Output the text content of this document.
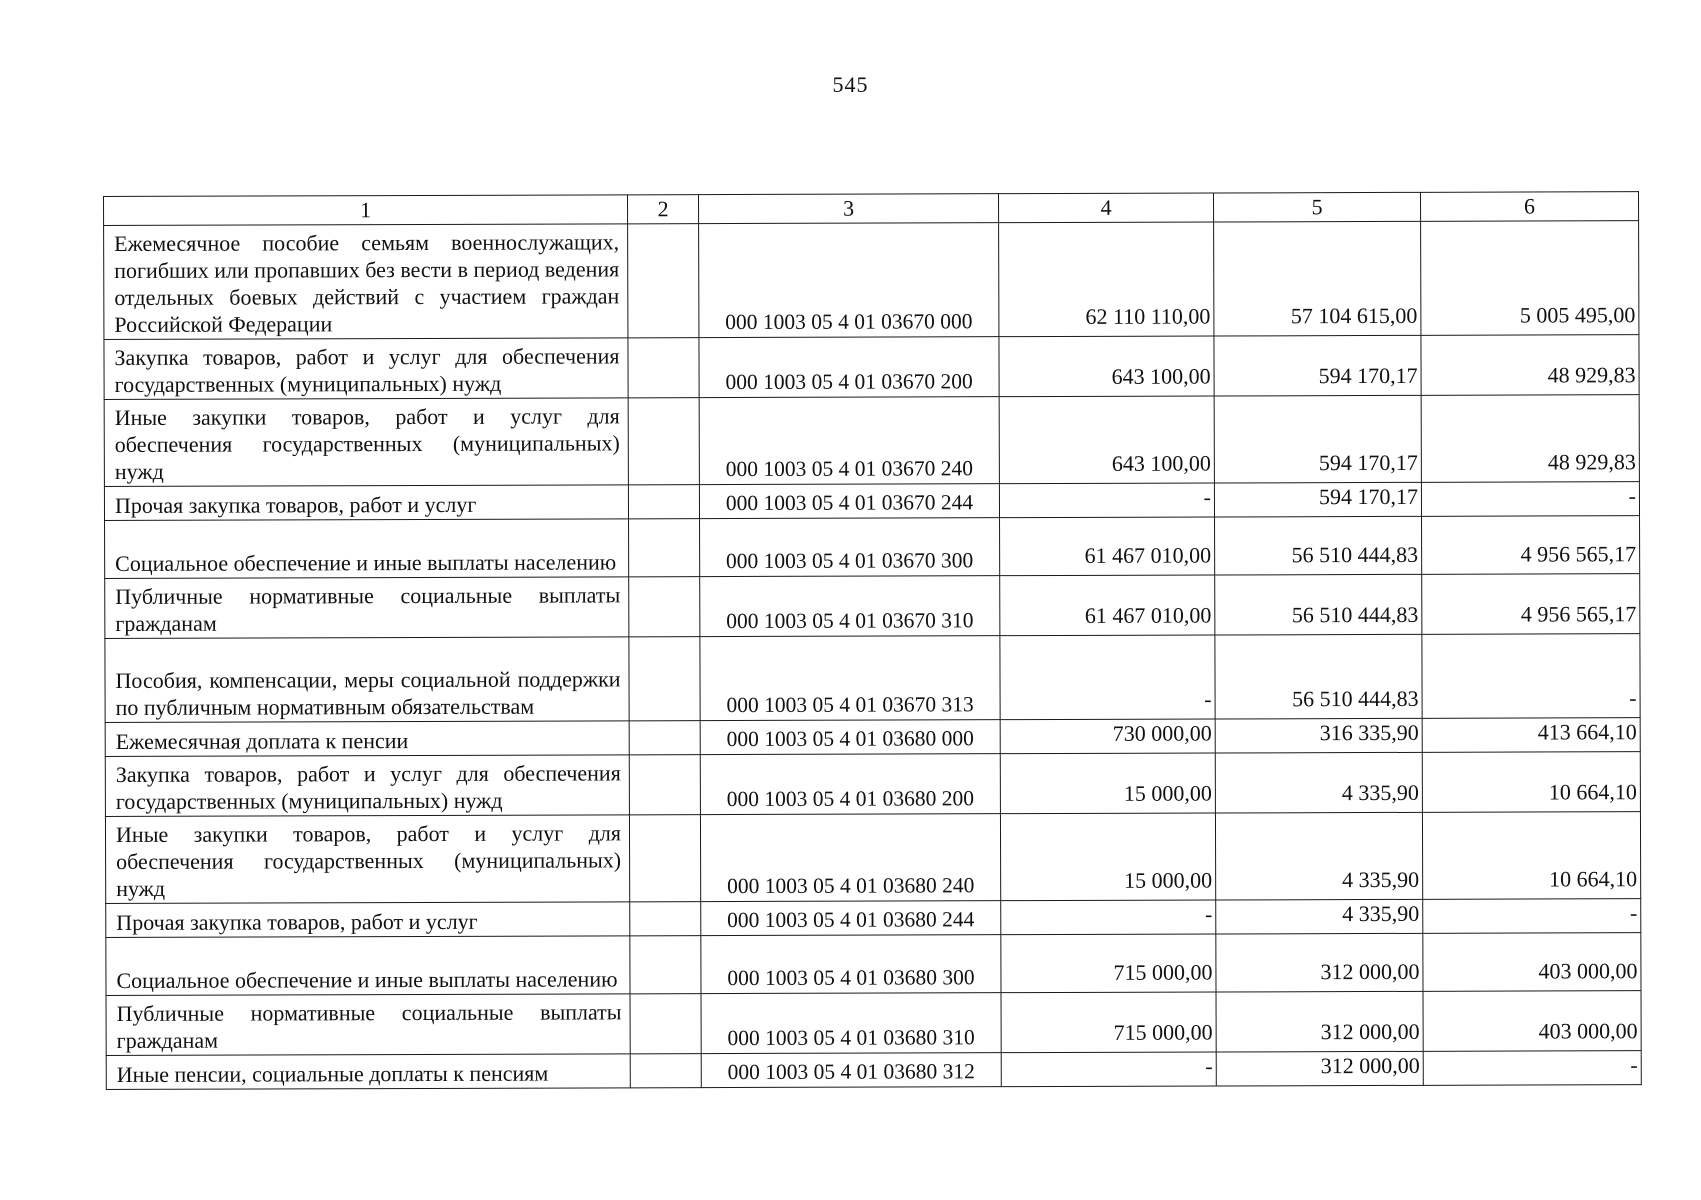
545
1	2	3	4	5	6
Ежемесячное пособие семьям военнослужащих, погибших или пропавших без вести в период ведения отдельных боевых действий с участием граждан Российской Федерации		000 1003 05 4 01 03670 000	62 110 110,00	57 104 615,00	5 005 495,00
Закупка товаров, работ и услуг для обеспечения государственных (муниципальных) нужд		000 1003 05 4 01 03670 200	643 100,00	594 170,17	48 929,83
Иные закупки товаров, работ и услуг для обеспечения государственных (муниципальных) нужд		000 1003 05 4 01 03670 240	643 100,00	594 170,17	48 929,83
Прочая закупка товаров, работ и услуг		000 1003 05 4 01 03670 244	-	594 170,17	-
Социальное обеспечение и иные выплаты населению		000 1003 05 4 01 03670 300	61 467 010,00	56 510 444,83	4 956 565,17
Публичные нормативные социальные выплаты гражданам		000 1003 05 4 01 03670 310	61 467 010,00	56 510 444,83	4 956 565,17
Пособия, компенсации, меры социальной поддержки по публичным нормативным обязательствам		000 1003 05 4 01 03670 313	-	56 510 444,83	-
Ежемесячная доплата к пенсии		000 1003 05 4 01 03680 000	730 000,00	316 335,90	413 664,10
Закупка товаров, работ и услуг для обеспечения государственных (муниципальных) нужд		000 1003 05 4 01 03680 200	15 000,00	4 335,90	10 664,10
Иные закупки товаров, работ и услуг для обеспечения государственных (муниципальных) нужд		000 1003 05 4 01 03680 240	15 000,00	4 335,90	10 664,10
Прочая закупка товаров, работ и услуг		000 1003 05 4 01 03680 244	-	4 335,90	-
Социальное обеспечение и иные выплаты населению		000 1003 05 4 01 03680 300	715 000,00	312 000,00	403 000,00
Публичные нормативные социальные выплаты гражданам		000 1003 05 4 01 03680 310	715 000,00	312 000,00	403 000,00
Иные пенсии, социальные доплаты к пенсиям		000 1003 05 4 01 03680 312	-	312 000,00	-
